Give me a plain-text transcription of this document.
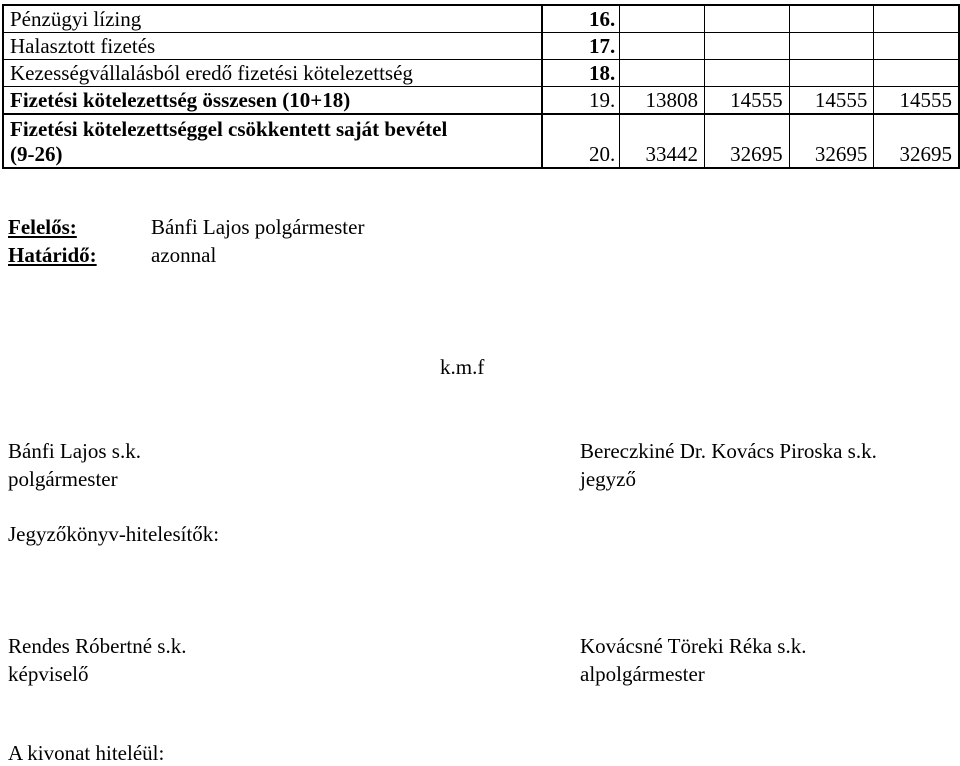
Pénzügyi lízing	16.				
Halasztott fizetés	17.				
Kezességvállalásból eredő fizetési kötelezettség	18.				
Fizetési kötelezettség összesen (10+18)	19.	13808	14555	14555	14555

Fizetési kötelezettséggel csökkentett saját bevétel
(9-26)	20.	33442	32695	32695	32695
Felelős:	Bánfi Lajos polgármester
Határidő:	azonnal
k.m.f
Bánfi Lajos s.k.
polgármester
Bereczkiné Dr. Kovács Piroska s.k.
jegyző
Jegyzőkönyv-hitelesítők:
Rendes Róbertné s.k.
képviselő
Kovácsné Töreki Réka s.k.
alpolgármester
A kivonat hiteléül:
